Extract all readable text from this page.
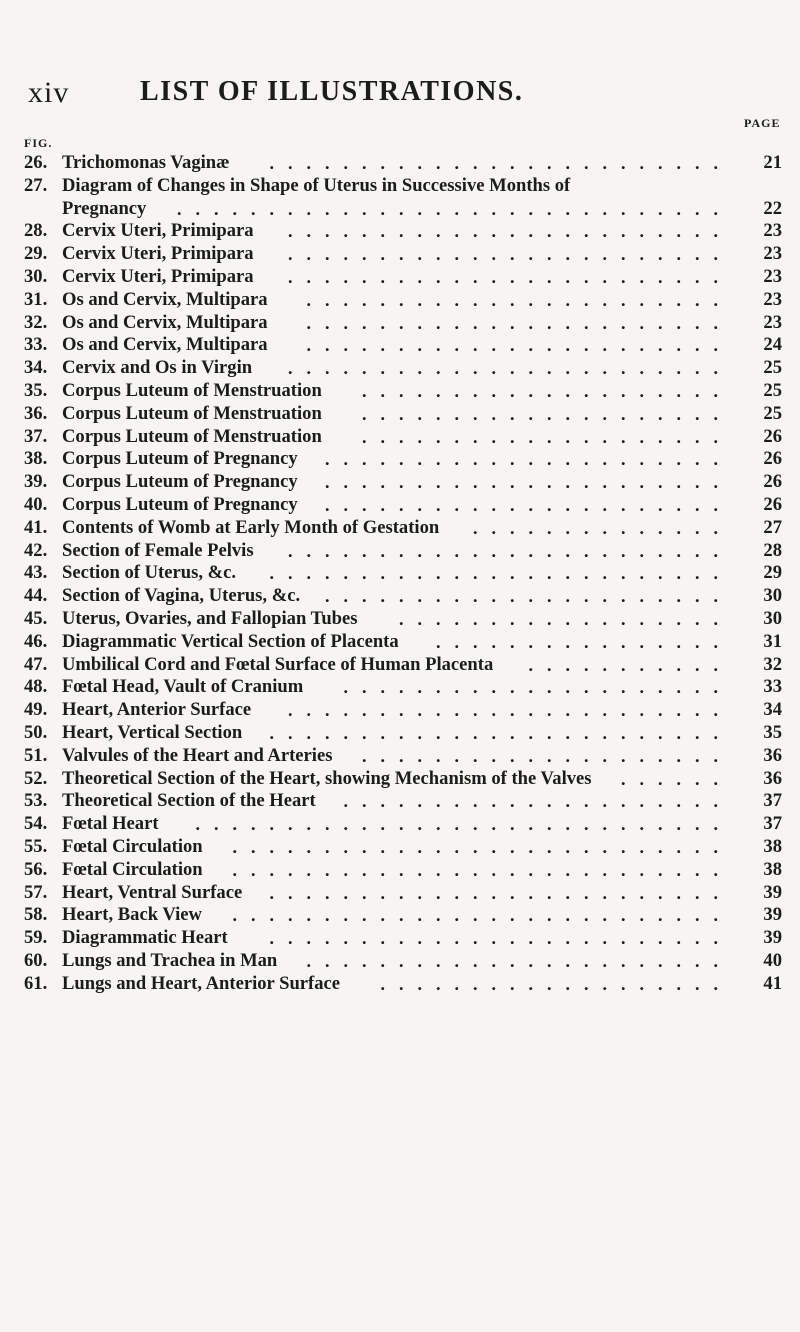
xiv	LIST OF ILLUSTRATIONS.
FIG.
PAGE
26. Trichomonas Vaginæ	21
.........................
27. Diagram of Changes in Shape of Uterus in Successive Months of
Pregnancy	22
..............................
28. Cervix Uteri, Primipara	23
........................
29. Cervix Uteri, Primipara	23
........................
30. Cervix Uteri, Primipara	23
........................
31. Os and Cervix, Multipara	23
.......................
32. Os and Cervix, Multipara	23
.......................
33. Os and Cervix, Multipara	24
.......................
34. Cervix and Os in Virgin	25
........................
35. Corpus Luteum of Menstruation	25
....................
36. Corpus Luteum of Menstruation	25
....................
37. Corpus Luteum of Menstruation	26
....................
38. Corpus Luteum of Pregnancy	26
......................
39. Corpus Luteum of Pregnancy	26
......................
40. Corpus Luteum of Pregnancy	26
......................
41. Contents of Womb at Early Month of Gestation	27
..............
42. Section of Female Pelvis	28
........................
43. Section of Uterus, &c.	29
.........................
44. Section of Vagina, Uterus, &c.	30
......................
45. Uterus, Ovaries, and Fallopian Tubes	30
..................
46. Diagrammatic Vertical Section of Placenta	31
................
47. Umbilical Cord and Fœtal Surface of Human Placenta	32
...........
48. Fœtal Head, Vault of Cranium	33
.....................
49. Heart, Anterior Surface	34
........................
50. Heart, Vertical Section	35
.........................
51. Valvules of the Heart and Arteries	36
....................
52. Theoretical Section of the Heart, showing Mechanism of the Valves	36
......
53. Theoretical Section of the Heart	37
.....................
54. Fœtal Heart	37
.............................
55. Fœtal Circulation	38
...........................
56. Fœtal Circulation	38
...........................
57. Heart, Ventral Surface	39
.........................
58. Heart, Back View	39
...........................
59. Diagrammatic Heart	39
.........................
60. Lungs and Trachea in Man	40
.......................
61. Lungs and Heart, Anterior Surface	41
...................
